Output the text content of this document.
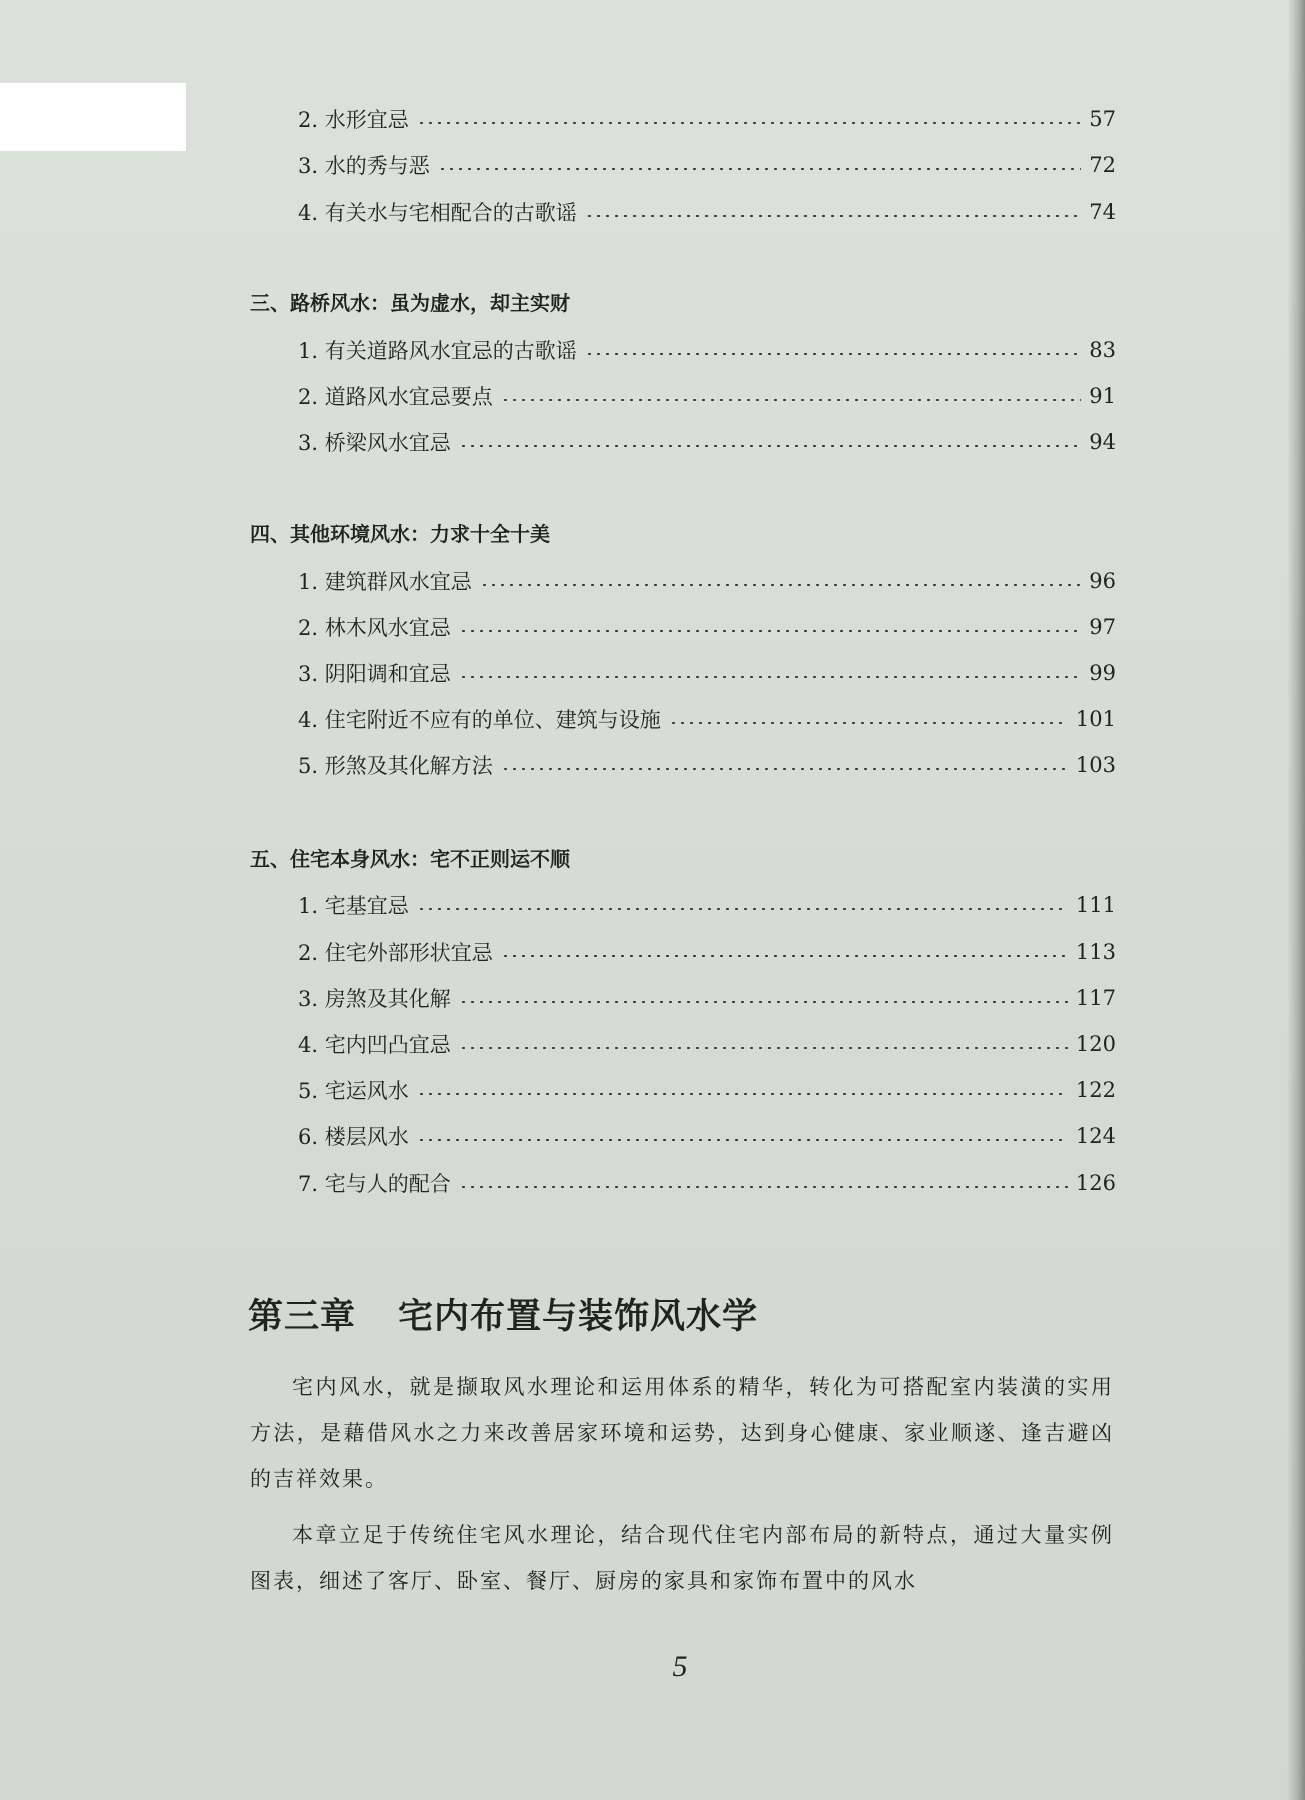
2. 水形宜忌	57
3. 水的秀与恶	72
4. 有关水与宅相配合的古歌谣	74
三、路桥风水：虽为虚水，却主实财
1. 有关道路风水宜忌的古歌谣	83
2. 道路风水宜忌要点	91
3. 桥梁风水宜忌	94
四、其他环境风水：力求十全十美
1. 建筑群风水宜忌	96
2. 林木风水宜忌	97
3. 阴阳调和宜忌	99
4. 住宅附近不应有的单位、建筑与设施	101
5. 形煞及其化解方法	103
五、住宅本身风水：宅不正则运不顺
1. 宅基宜忌	111
2. 住宅外部形状宜忌	113
3. 房煞及其化解	117
4. 宅内凹凸宜忌	120
5. 宅运风水	122
6. 楼层风水	124
7. 宅与人的配合	126
第三章 宅内布置与装饰风水学

宅内风水，就是撷取风水理论和运用体系的精华，转化为可搭配室内装潢的实用方法，是藉借风水之力来改善居家环境和运势，达到身心健康、家业顺遂、逢吉避凶的吉祥效果。

本章立足于传统住宅风水理论，结合现代住宅内部布局的新特点，通过大量实例图表，细述了客厅、卧室、餐厅、厨房的家具和家饰布置中的风水

5
